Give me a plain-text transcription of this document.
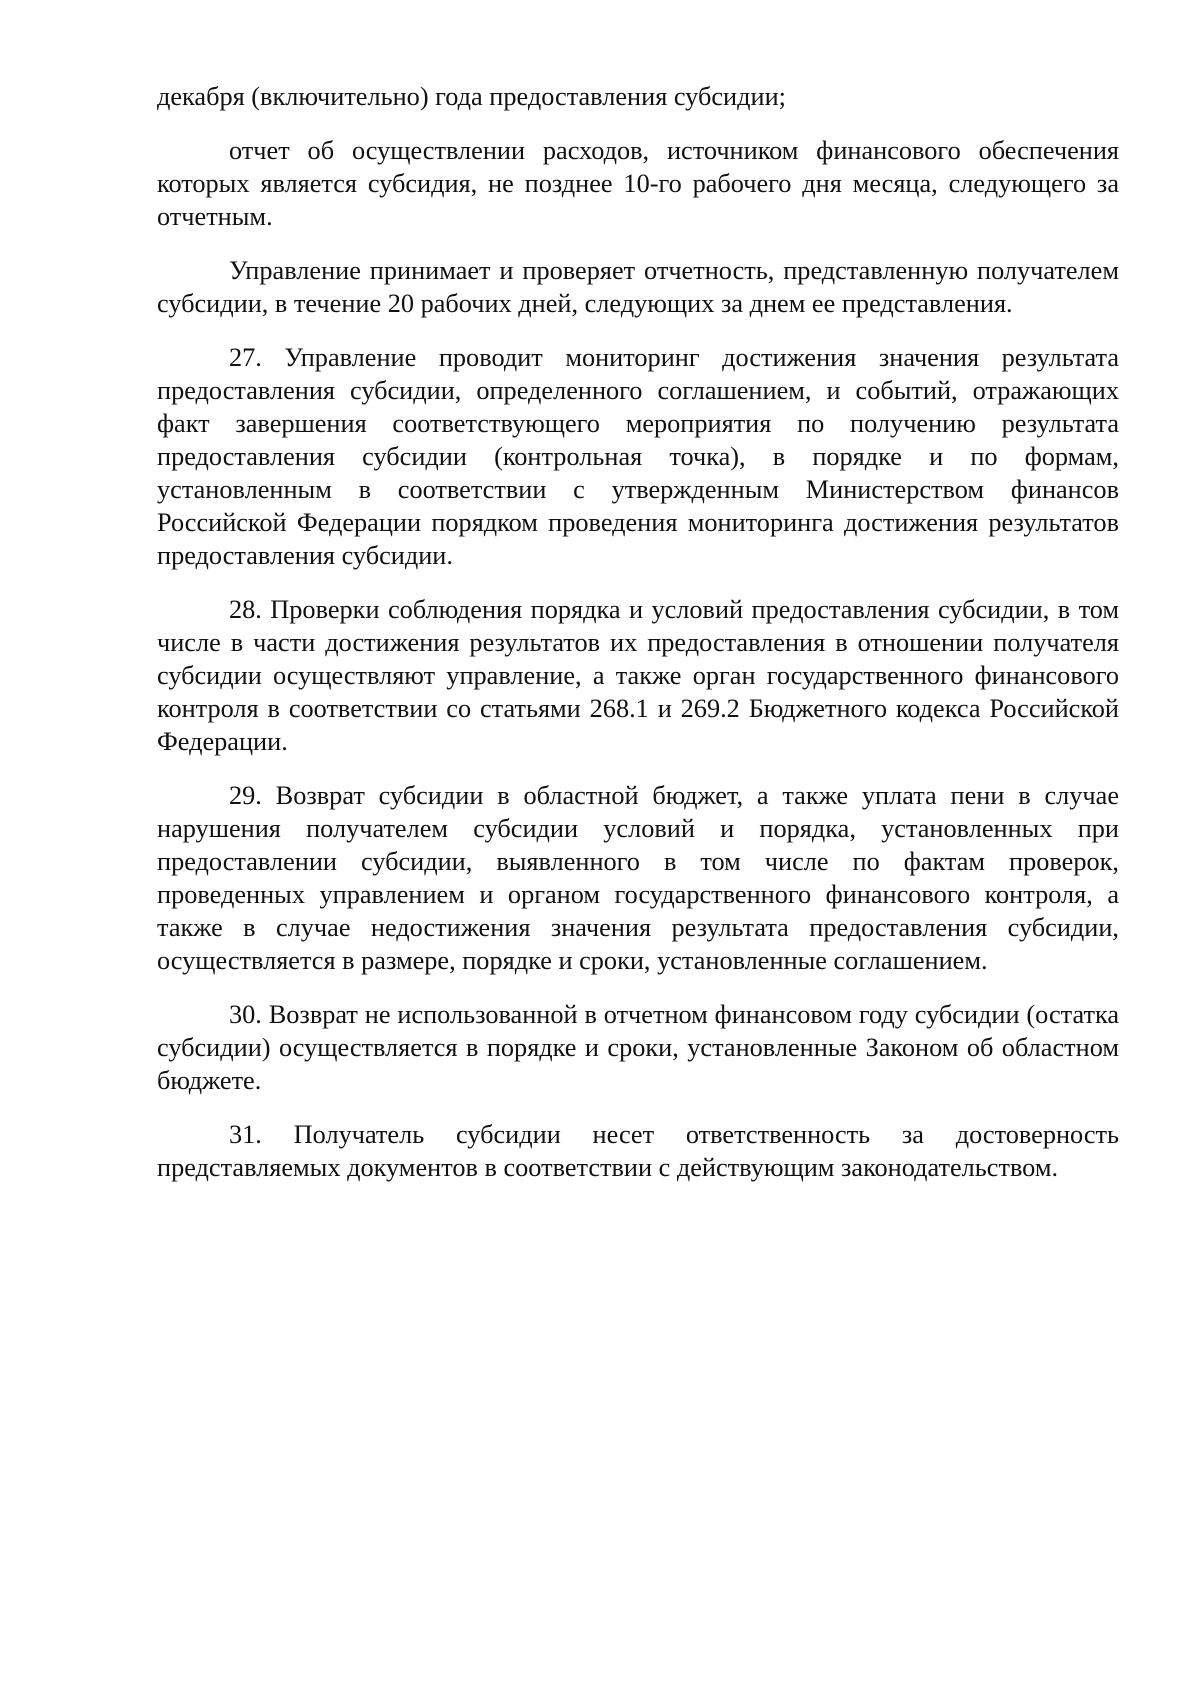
декабря (включительно) года предоставления субсидии;

отчет об осуществлении расходов, источником финансового обеспечения которых является субсидия, не позднее 10-го рабочего дня месяца, следующего за отчетным.

Управление принимает и проверяет отчетность, представленную получателем субсидии, в течение 20 рабочих дней, следующих за днем ее представления.

27. Управление проводит мониторинг достижения значения результата предоставления субсидии, определенного соглашением, и событий, отражающих факт завершения соответствующего мероприятия по получению результата предоставления субсидии (контрольная точка), в порядке и по формам, установленным в соответствии с утвержденным Министерством финансов Российской Федерации порядком проведения мониторинга достижения результатов предоставления субсидии.

28. Проверки соблюдения порядка и условий предоставления субсидии, в том числе в части достижения результатов их предоставления в отношении получателя субсидии осуществляют управление, а также орган государственного финансового контроля в соответствии со статьями 268.1 и 269.2 Бюджетного кодекса Российской Федерации.

29. Возврат субсидии в областной бюджет, а также уплата пени в случае нарушения получателем субсидии условий и порядка, установленных при предоставлении субсидии, выявленного в том числе по фактам проверок, проведенных управлением и органом государственного финансового контроля, а также в случае недостижения значения результата предоставления субсидии, осуществляется в размере, порядке и сроки, установленные соглашением.

30. Возврат не использованной в отчетном финансовом году субсидии (остатка субсидии) осуществляется в порядке и сроки, установленные Законом об областном бюджете.

31. Получатель субсидии несет ответственность за достоверность представляемых документов в соответствии с действующим законодательством.
